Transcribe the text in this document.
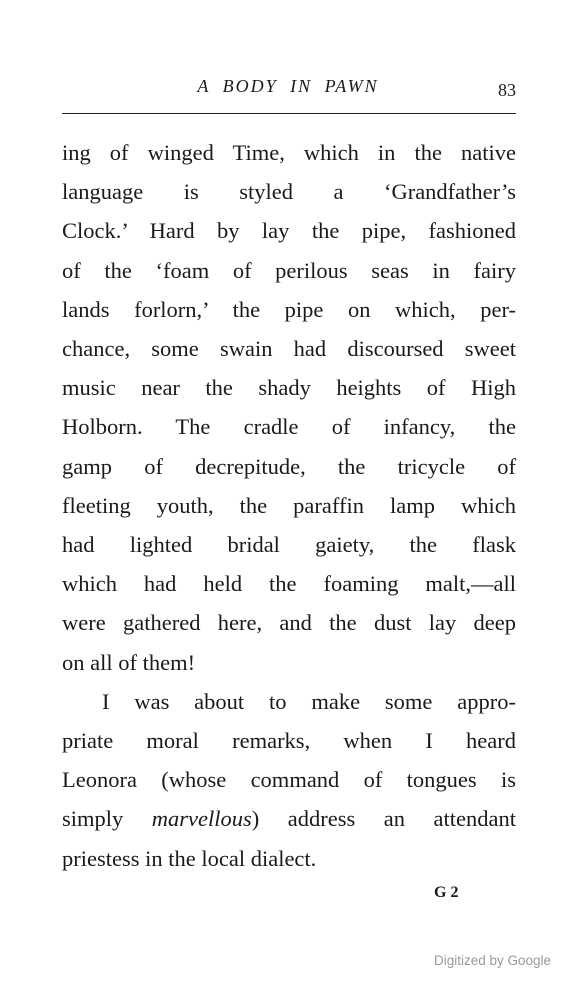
A BODY IN PAWN	83

ing of winged Time, which in the native

language is styled a ‘Grandfather’s

Clock.’ Hard by lay the pipe, fashioned

of the ‘foam of perilous seas in fairy

lands forlorn,’ the pipe on which, per-

chance, some swain had discoursed sweet

music near the shady heights of High

Holborn. The cradle of infancy, the

gamp of decrepitude, the tricycle of

fleeting youth, the paraffin lamp which

had lighted bridal gaiety, the flask

which had held the foaming malt,—all

were gathered here, and the dust lay deep

on all of them!

I was about to make some appro-

priate moral remarks, when I heard

Leonora (whose command of tongues is

simply marvellous) address an attendant

priestess in the local dialect.

G 2
Digitized by Google
